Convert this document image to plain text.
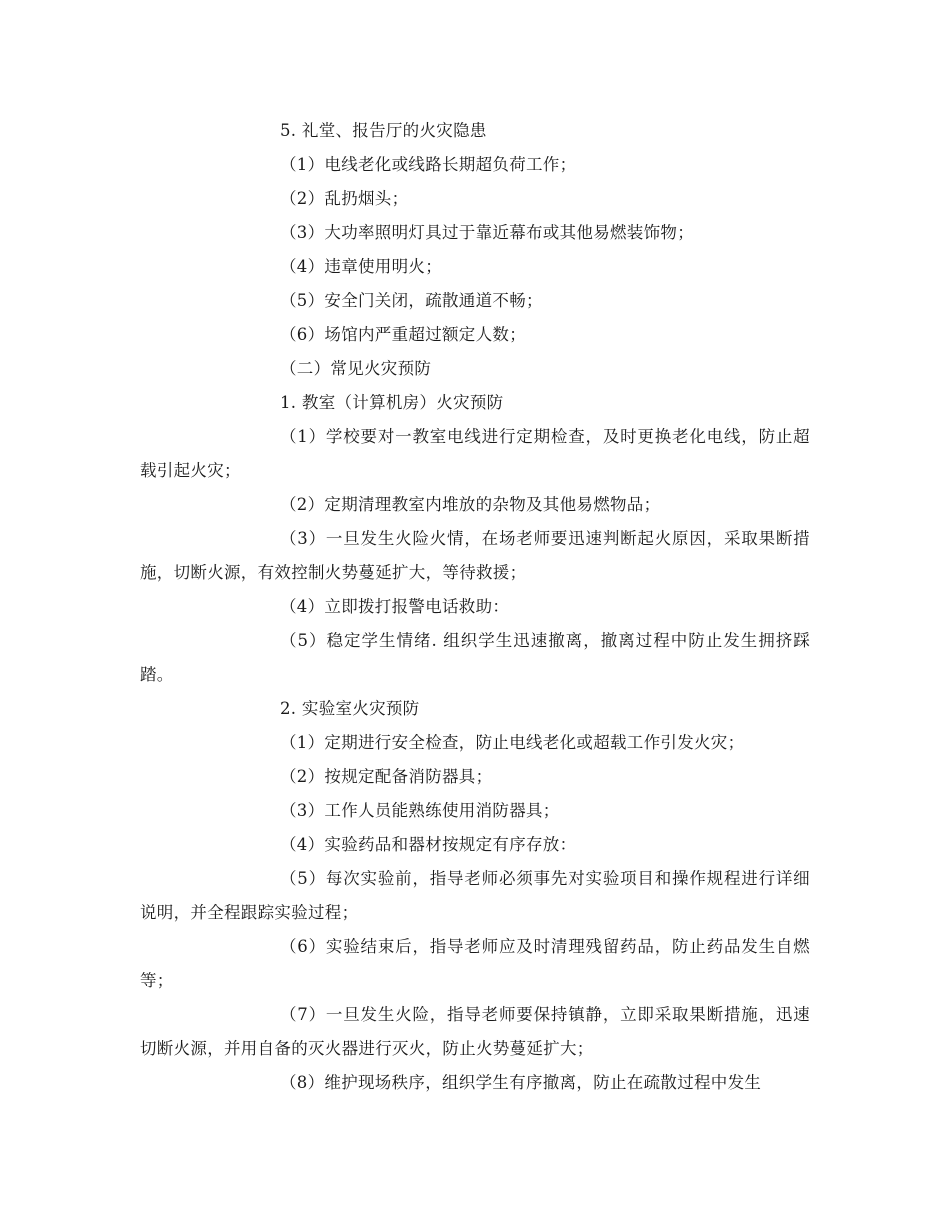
5. 礼堂、报告厅的火灾隐患

（1）电线老化或线路长期超负荷工作；

（2）乱扔烟头；

（3）大功率照明灯具过于靠近幕布或其他易燃装饰物；

（4）违章使用明火；

（5）安全门关闭，疏散通道不畅；

（6）场馆内严重超过额定人数；

（二）常见火灾预防

1. 教室（计算机房）火灾预防

（1）学校要对一教室电线进行定期检查，及时更换老化电线，防止超载引起火灾；

（2）定期清理教室内堆放的杂物及其他易燃物品；

（3）一旦发生火险火情，在场老师要迅速判断起火原因，采取果断措施，切断火源，有效控制火势蔓延扩大，等待救援；

（4）立即拨打报警电话救助：

（5）稳定学生情绪. 组织学生迅速撤离，撤离过程中防止发生拥挤踩踏。

2. 实验室火灾预防

（1）定期进行安全检查，防止电线老化或超载工作引发火灾；

（2）按规定配备消防器具；

（3）工作人员能熟练使用消防器具；

（4）实验药品和器材按规定有序存放：

（5）每次实验前，指导老师必须事先对实验项目和操作规程进行详细说明，并全程跟踪实验过程；

（6）实验结束后，指导老师应及时清理残留药品，防止药品发生自燃等；

（7）一旦发生火险，指导老师要保持镇静，立即采取果断措施，迅速切断火源，并用自备的灭火器进行灭火，防止火势蔓延扩大；

（8）维护现场秩序，组织学生有序撤离，防止在疏散过程中发生
